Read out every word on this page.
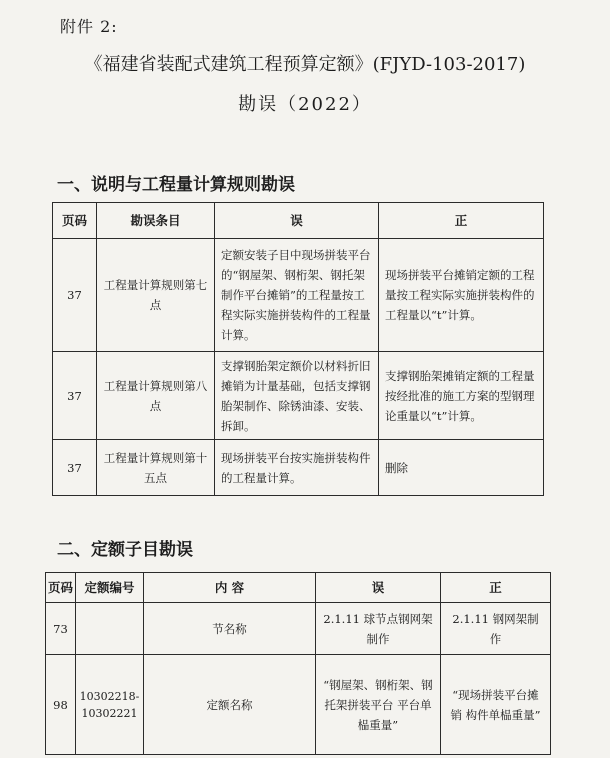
附件 2:
《福建省装配式建筑工程预算定额》(FJYD-103-2017)
勘误（2022）
一、说明与工程量计算规则勘误
页码	勘误条目	误	正
37	工程量计算规则第七点	定额安装子目中现场拼装平台的“钢屋架、钢桁架、钢托架制作平台摊销”的工程量按工程实际实施拼装构件的工程量计算。	现场拼装平台摊销定额的工程量按工程实际实施拼装构件的工程量以“t”计算。
37	工程量计算规则第八点	支撑钢胎架定额价以材料折旧摊销为计量基础，包括支撑钢胎架制作、除锈油漆、安装、拆卸。	支撑钢胎架摊销定额的工程量按经批准的施工方案的型钢理论重量以“t”计算。
37	工程量计算规则第十五点	现场拼装平台按实施拼装构件的工程量计算。	删除
二、定额子目勘误
页码	定额编号	内 容	误	正
73		节名称	2.1.11 球节点钢网架制作	2.1.11 钢网架制作
98	10302218-10302221	定额名称	“钢屋架、钢桁架、钢托架拼装平台 平台单榀重量”	“现场拼装平台摊销 构件单榀重量”
